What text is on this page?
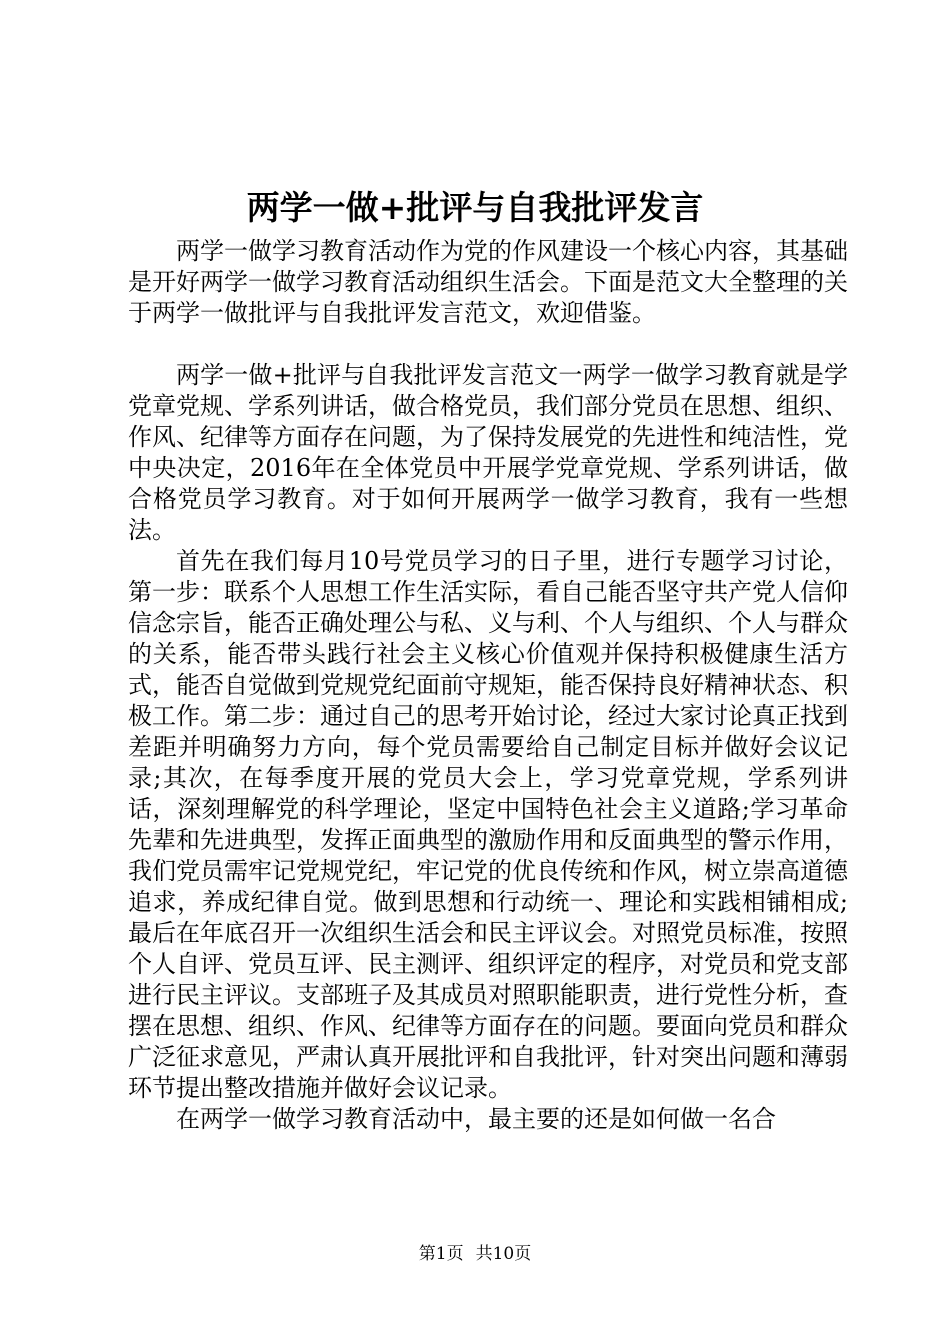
两学一做+批评与自我批评发言

两学一做学习教育活动作为党的作风建设一个核心内容，其基础是开好两学一做学习教育活动组织生活会。下面是范文大全整理的关于两学一做批评与自我批评发言范文，欢迎借鉴。

两学一做+批评与自我批评发言范文一两学一做学习教育就是学党章党规、学系列讲话，做合格党员，我们部分党员在思想、组织、作风、纪律等方面存在问题，为了保持发展党的先进性和纯洁性，党中央决定，2016年在全体党员中开展学党章党规、学系列讲话，做合格党员学习教育。对于如何开展两学一做学习教育，我有一些想法。

首先在我们每月10号党员学习的日子里，进行专题学习讨论，第一步：联系个人思想工作生活实际，看自己能否坚守共产党人信仰信念宗旨，能否正确处理公与私、义与利、个人与组织、个人与群众的关系，能否带头践行社会主义核心价值观并保持积极健康生活方式，能否自觉做到党规党纪面前守规矩，能否保持良好精神状态、积极工作。第二步：通过自己的思考开始讨论，经过大家讨论真正找到差距并明确努力方向，每个党员需要给自己制定目标并做好会议记录;其次，在每季度开展的党员大会上，学习党章党规，学系列讲话，深刻理解党的科学理论，坚定中国特色社会主义道路;学习革命先辈和先进典型，发挥正面典型的激励作用和反面典型的警示作用，我们党员需牢记党规党纪，牢记党的优良传统和作风，树立崇高道德追求，养成纪律自觉。做到思想和行动统一、理论和实践相铺相成;最后在年底召开一次组织生活会和民主评议会。对照党员标准，按照个人自评、党员互评、民主测评、组织评定的程序，对党员和党支部进行民主评议。支部班子及其成员对照职能职责，进行党性分析，查摆在思想、组织、作风、纪律等方面存在的问题。要面向党员和群众广泛征求意见，严肃认真开展批评和自我批评，针对突出问题和薄弱环节提出整改措施并做好会议记录。

在两学一做学习教育活动中，最主要的还是如何做一名合

第1页 共10页
